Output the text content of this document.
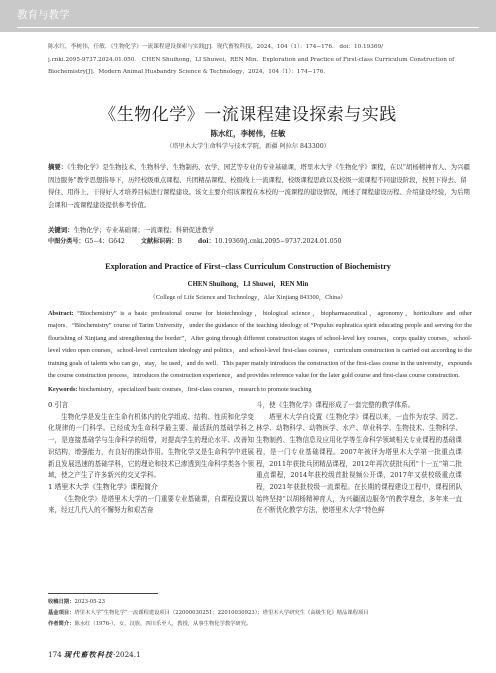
教育与教学
陈水红，李树伟，任敏．《生物化学》一流课程建设探索与实践[J]．现代畜牧科技，2024，104（1）：174−176． doi：10.19369/
j.cnki.2095-9737.2024.01.050． CHEN Shuihong，LI Shuwei，REN Min．Exploration and Practice of First-class Curriculum Construction of
Biochemistry[J]．Modern Animal Husbandry Science & Technology，2024，104（1）：174−176．
《生物化学》一流课程建设探索与实践
陈水红，李树伟，任敏
（塔里木大学生命科学与技术学院，新疆 阿拉尔 843300）
摘要：《生物化学》是生物技术、生物科学、生物制药、农学、园艺等专业的专业基础课，塔里木大学《生物化学》课程，在以“胡杨精神育人、为兴疆固边服务”教学思想指导下，历经校级重点课程、兵团精品课程、校级线上一流课程、校级课程思政以及校级一流课程不同建设阶段，按照下得去、留得住、用得上、干得好人才培养目标进行课程建设。该文主要介绍该课程在本校的一流课程的建设情况，阐述了课程建设历程、介绍建设经验，为后期会课和一流课程建设提供参考价值。
关键词：生物化学；专业基础课；一流课程；科研促进教学
中图分类号：G5−4；G642	文献标识码：B	doi：10.19369/j.cnki.2095−9737.2024.01.050
Exploration and Practice of First−class Curriculum Construction of Biochemistry
CHEN Shuihong，LI Shuwei，REN Min
（College of Life Science and Technology，Alar Xinjiang 843300，China）
Abstract: “Biochemistry” is a basic professional course for biotechnology，biological science，biopharmaceutical，agronomy，horticulture and other majors．“Biochemistry” course of Tarim University，under the guidance of the teaching ideology of “Populus euphratica spirit educating people and serving for the flourishing of Xinjiang and strengthening the border”，After going through different construction stages of school-level key courses，corps quality courses，school-level video open courses，school-level curriculum ideology and politics，and school-level first-class courses，curriculum construction is carried out according to the training goals of talents who can go，stay，be used，and do well．This paper mainly introduces the construction of the first-class course in the university，expounds the course construction process，introduces the construction experience，and provides reference value for the later gold course and first-class course construction.
Keywords: biochemistry，specialized basic courses，first-class courses，research to promote teaching
0 引言
生物化学是发生在生命有机体内的化学组成、结构、性质和化学变化规律的一门科学。已经成为生命科学最主要、最活跃的基础学科之一，是连接基础学与生命科学的纽带，对提高学生的理论水平、改善知识结构，增强能力，有良好的推动作用。生物化学又是生命科学中进展新且发展迅速的基础学科，它的理论和技术已渗透到生命科学类各个领域，使之产生了许多新兴的交叉学科。
1 塔里木大学《生物化学》课程简介
《生物化学》是塔里木大学的一门重要专业基础课，自课程设置以来，经过几代人的不懈努力和艰苦奋
斗，使《生物化学》课程形成了一套完整的教学体系。
塔里木大学自设置《生物化学》课程以来，一直作为农学、园艺、林学、动物科学、动物医学、水产、草业科学、生物技术、生物科学、生物制药、生物信息及应用化学等生命科学领域相关专业课程的基础课程，是一门专业基础课程。2007年被评为塔里木大学第一批重点课程，2011年获批兵团精品课程，2012年再次获批兵团“十一五”第二批重点课程，2014年获校级首批视频公开课，2017年又获校级重点课程，2021年获批校级一流课程。在长期的课程建设工程中，课程团队始终坚持“以胡杨精神育人，为兴疆固边服务”的教学理念，多年来一直在不断优化教学方法，使塔里木大学“特色鲜
收稿日期：2023-05-23
基金项目：塔里木大学“生物化学”一流课程建设项目（22000030251；22010030923）；塔里木大学研究生《高级生化》精品课程项目
作者简介：陈水红（1976-），女，汉族，四川乐至人，教授，从事生物化学教学研究。
174 现代畜牧科技·2024.1
